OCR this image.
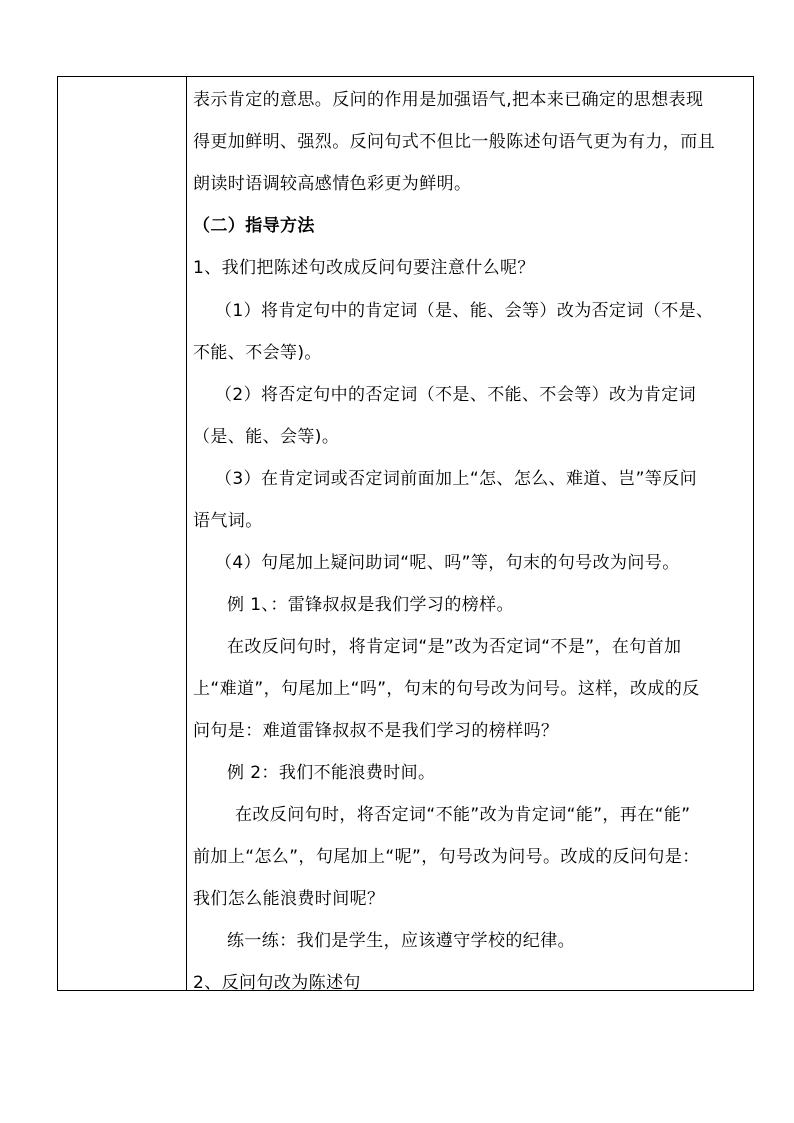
表示肯定的意思。反问的作用是加强语气,把本来已确定的思想表现
得更加鲜明、强烈。反问句式不但比一般陈述句语气更为有力，而且
朗读时语调较高感情色彩更为鲜明。
（二）指导方法
1、我们把陈述句改成反问句要注意什么呢？
（1）将肯定句中的肯定词（是、能、会等）改为否定词（不是、
不能、不会等)。
（2）将否定句中的否定词（不是、不能、不会等）改为肯定词
（是、能、会等)。
（3）在肯定词或否定词前面加上“怎、怎么、难道、岂”等反问
语气词。
（4）句尾加上疑问助词“呢、吗”等，句末的句号改为问号。
例 1、：雷锋叔叔是我们学习的榜样。
在改反问句时，将肯定词“是”改为否定词“不是”，在句首加
上“难道”，句尾加上“吗”，句末的句号改为问号。这样，改成的反
问句是：难道雷锋叔叔不是我们学习的榜样吗？
例 2：我们不能浪费时间。
在改反问句时，将否定词“不能”改为肯定词“能”，再在“能”
前加上“怎么”，句尾加上“呢”，句号改为问号。改成的反问句是：
我们怎么能浪费时间呢？
练一练：我们是学生，应该遵守学校的纪律。
2、反问句改为陈述句
